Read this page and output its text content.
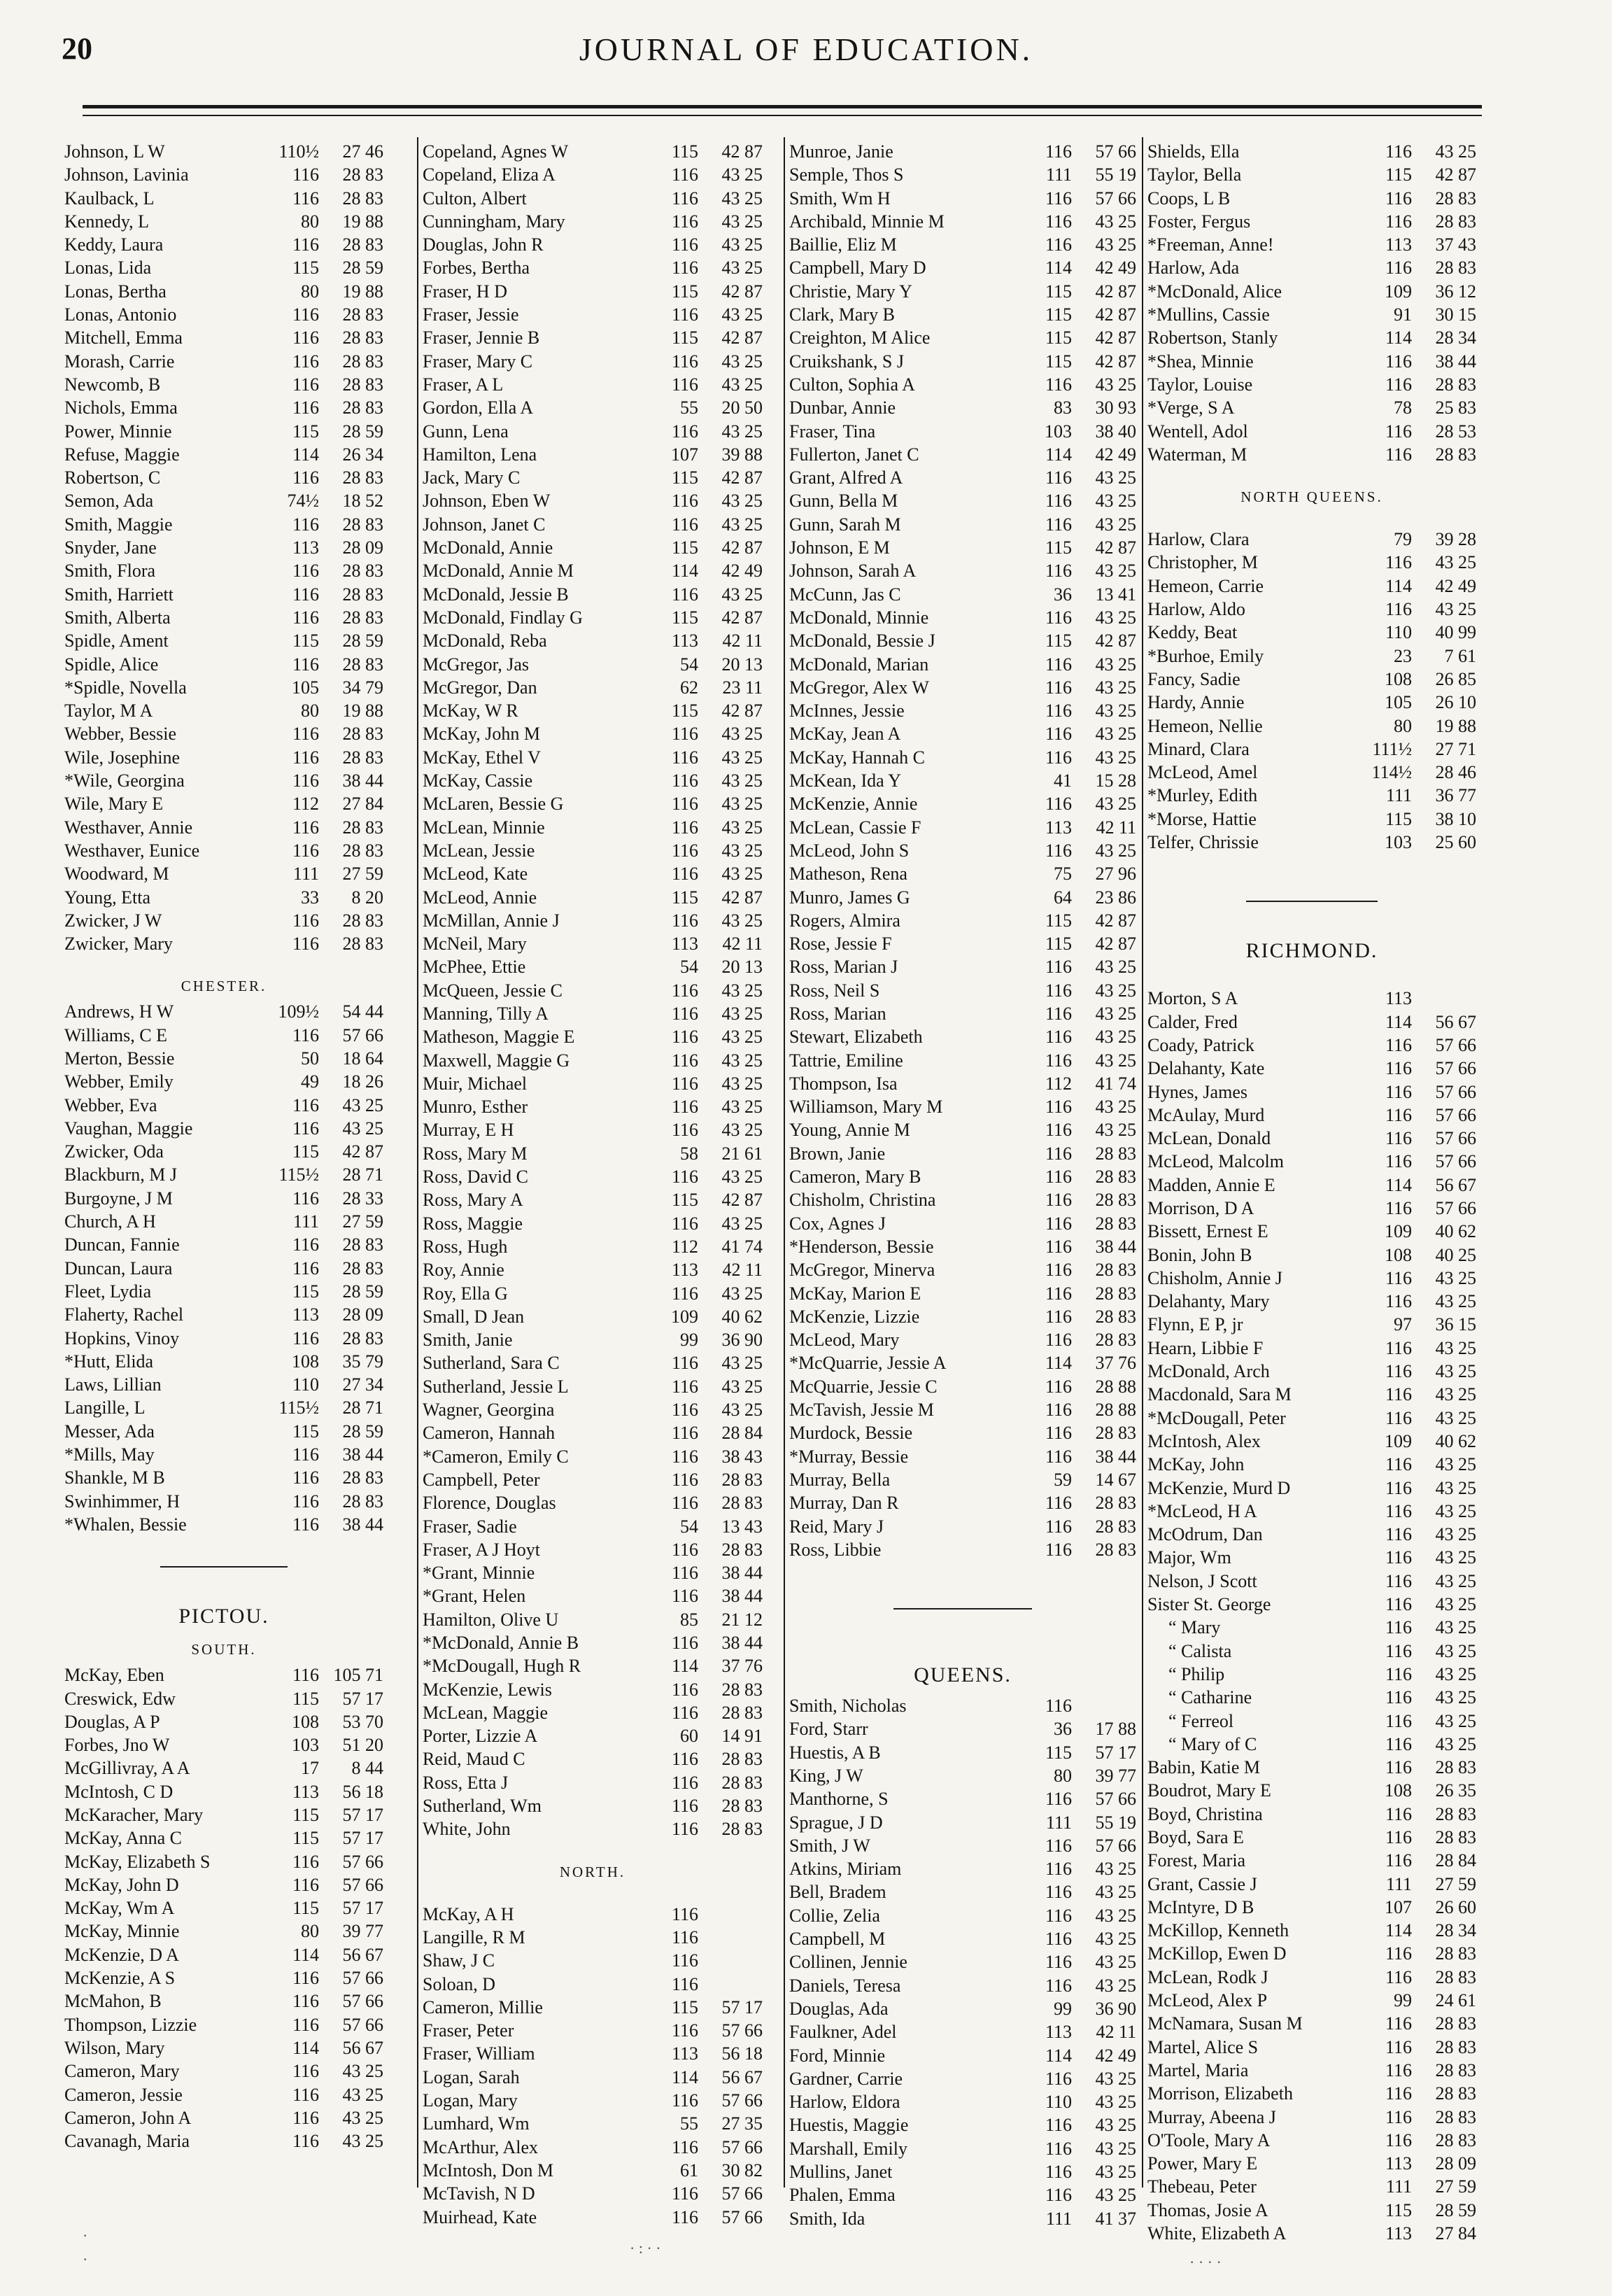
20	JOURNAL OF EDUCATION.
Johnson, L W	110½	27 46
Johnson, Lavinia	116	28 83
Kaulback, L	116	28 83
Kennedy, L	80	19 88
Keddy, Laura	116	28 83
Lonas, Lida	115	28 59
Lonas, Bertha	80	19 88
Lonas, Antonio	116	28 83
Mitchell, Emma	116	28 83
Morash, Carrie	116	28 83
Newcomb, B	116	28 83
Nichols, Emma	116	28 83
Power, Minnie	115	28 59
Refuse, Maggie	114	26 34
Robertson, C	116	28 83
Semon, Ada	74½	18 52
Smith, Maggie	116	28 83
Snyder, Jane	113	28 09
Smith, Flora	116	28 83
Smith, Harriett	116	28 83
Smith, Alberta	116	28 83
Spidle, Ament	115	28 59
Spidle, Alice	116	28 83
*Spidle, Novella	105	34 79
Taylor, M A	80	19 88
Webber, Bessie	116	28 83
Wile, Josephine	116	28 83
*Wile, Georgina	116	38 44
Wile, Mary E	112	27 84
Westhaver, Annie	116	28 83
Westhaver, Eunice	116	28 83
Woodward, M	111	27 59
Young, Etta	33	8 20
Zwicker, J W	116	28 83
Zwicker, Mary	116	28 83
CHESTER.
Andrews, H W	109½	54 44
Williams, C E	116	57 66
Merton, Bessie	50	18 64
Webber, Emily	49	18 26
Webber, Eva	116	43 25
Vaughan, Maggie	116	43 25
Zwicker, Oda	115	42 87
Blackburn, M J	115½	28 71
Burgoyne, J M	116	28 33
Church, A H	111	27 59
Duncan, Fannie	116	28 83
Duncan, Laura	116	28 83
Fleet, Lydia	115	28 59
Flaherty, Rachel	113	28 09
Hopkins, Vinoy	116	28 83
*Hutt, Elida	108	35 79
Laws, Lillian	110	27 34
Langille, L	115½	28 71
Messer, Ada	115	28 59
*Mills, May	116	38 44
Shankle, M B	116	28 83
Swinhimmer, H	116	28 83
*Whalen, Bessie	116	38 44
PICTOU.
SOUTH.
McKay, Eben	116 105 71
Creswick, Edw	115	57 17
Douglas, A P	108	53 70
Forbes, Jno W	103	51 20
McGillivray, A A	17	8 44
McIntosh, C D	113	56 18
McKaracher, Mary	115	57 17
McKay, Anna C	115	57 17
McKay, Elizabeth S	116	57 66
McKay, John D	116	57 66
McKay, Wm A	115	57 17
McKay, Minnie	80	39 77
McKenzie, D A	114	56 67
McKenzie, A S	116	57 66
McMahon, B	116	57 66
Thompson, Lizzie	116	57 66
Wilson, Mary	114	56 67
Cameron, Mary	116	43 25
Cameron, Jessie	116	43 25
Cameron, John A	116	43 25
Cavanagh, Maria	116	43 25
Copeland, Agnes W	115	42 87
Copeland, Eliza A	116	43 25
Culton, Albert	116	43 25
Cunningham, Mary	116	43 25
Douglas, John R	116	43 25
Forbes, Bertha	116	43 25
Fraser, H D	115	42 87
Fraser, Jessie	116	43 25
Fraser, Jennie B	115	42 87
Fraser, Mary C	116	43 25
Fraser, A L	116	43 25
Gordon, Ella A	55	20 50
Gunn, Lena	116	43 25
Hamilton, Lena	107	39 88
Jack, Mary C	115	42 87
Johnson, Eben W	116	43 25
Johnson, Janet C	116	43 25
McDonald, Annie	115	42 87
McDonald, Annie M	114	42 49
McDonald, Jessie B	116	43 25
McDonald, Findlay G	115	42 87
McDonald, Reba	113	42 11
McGregor, Jas	54	20 13
McGregor, Dan	62	23 11
McKay, W R	115	42 87
McKay, John M	116	43 25
McKay, Ethel V	116	43 25
McKay, Cassie	116	43 25
McLaren, Bessie G	116	43 25
McLean, Minnie	116	43 25
McLean, Jessie	116	43 25
McLeod, Kate	116	43 25
McLeod, Annie	115	42 87
McMillan, Annie J	116	43 25
McNeil, Mary	113	42 11
McPhee, Ettie	54	20 13
McQueen, Jessie C	116	43 25
Manning, Tilly A	116	43 25
Matheson, Maggie E	116	43 25
Maxwell, Maggie G	116	43 25
Muir, Michael	116	43 25
Munro, Esther	116	43 25
Murray, E H	116	43 25
Ross, Mary M	58	21 61
Ross, David C	116	43 25
Ross, Mary A	115	42 87
Ross, Maggie	116	43 25
Ross, Hugh	112	41 74
Roy, Annie	113	42 11
Roy, Ella G	116	43 25
Small, D Jean	109	40 62
Smith, Janie	99	36 90
Sutherland, Sara C	116	43 25
Sutherland, Jessie L	116	43 25
Wagner, Georgina	116	43 25
Cameron, Hannah	116	28 84
*Cameron, Emily C	116	38 43
Campbell, Peter	116	28 83
Florence, Douglas	116	28 83
Fraser, Sadie	54	13 43
Fraser, A J Hoyt	116	28 83
*Grant, Minnie	116	38 44
*Grant, Helen	116	38 44
Hamilton, Olive U	85	21 12
*McDonald, Annie B	116	38 44
*McDougall, Hugh R	114	37 76
McKenzie, Lewis	116	28 83
McLean, Maggie	116	28 83
Porter, Lizzie A	60	14 91
Reid, Maud C	116	28 83
Ross, Etta J	116	28 83
Sutherland, Wm	116	28 83
White, John	116	28 83
NORTH.
McKay, A H	116
Langille, R M	116
Shaw, J C	116
Soloan, D	116
Cameron, Millie	115	57 17
Fraser, Peter	116	57 66
Fraser, William	113	56 18
Logan, Sarah	114	56 67
Logan, Mary	116	57 66
Lumhard, Wm	55	27 35
McArthur, Alex	116	57 66
McIntosh, Don M	61	30 82
McTavish, N D	116	57 66
Muirhead, Kate	116	57 66
Munroe, Janie	116	57 66
Semple, Thos S	111	55 19
Smith, Wm H	116	57 66
Archibald, Minnie M	116	43 25
Baillie, Eliz M	116	43 25
Campbell, Mary D	114	42 49
Christie, Mary Y	115	42 87
Clark, Mary B	115	42 87
Creighton, M Alice	115	42 87
Cruikshank, S J	115	42 87
Culton, Sophia A	116	43 25
Dunbar, Annie	83	30 93
Fraser, Tina	103	38 40
Fullerton, Janet C	114	42 49
Grant, Alfred A	116	43 25
Gunn, Bella M	116	43 25
Gunn, Sarah M	116	43 25
Johnson, E M	115	42 87
Johnson, Sarah A	116	43 25
McCunn, Jas C	36	13 41
McDonald, Minnie	116	43 25
McDonald, Bessie J	115	42 87
McDonald, Marian	116	43 25
McGregor, Alex W	116	43 25
McInnes, Jessie	116	43 25
McKay, Jean A	116	43 25
McKay, Hannah C	116	43 25
McKean, Ida Y	41	15 28
McKenzie, Annie	116	43 25
McLean, Cassie F	113	42 11
McLeod, John S	116	43 25
Matheson, Rena	75	27 96
Munro, James G	64	23 86
Rogers, Almira	115	42 87
Rose, Jessie F	115	42 87
Ross, Marian J	116	43 25
Ross, Neil S	116	43 25
Ross, Marian	116	43 25
Stewart, Elizabeth	116	43 25
Tattrie, Emiline	116	43 25
Thompson, Isa	112	41 74
Williamson, Mary M	116	43 25
Young, Annie M	116	43 25
Brown, Janie	116	28 83
Cameron, Mary B	116	28 83
Chisholm, Christina	116	28 83
Cox, Agnes J	116	28 83
*Henderson, Bessie	116	38 44
McGregor, Minerva	116	28 83
McKay, Marion E	116	28 83
McKenzie, Lizzie	116	28 83
McLeod, Mary	116	28 83
*McQuarrie, Jessie A	114	37 76
McQuarrie, Jessie C	116	28 88
McTavish, Jessie M	116	28 88
Murdock, Bessie	116	28 83
*Murray, Bessie	116	38 44
Murray, Bella	59	14 67
Murray, Dan R	116	28 83
Reid, Mary J	116	28 83
Ross, Libbie	116	28 83
QUEENS.
Smith, Nicholas	116
Ford, Starr	36	17 88
Huestis, A B	115	57 17
King, J W	80	39 77
Manthorne, S	116	57 66
Sprague, J D	111	55 19
Smith, J W	116	57 66
Atkins, Miriam	116	43 25
Bell, Bradem	116	43 25
Collie, Zelia	116	43 25
Campbell, M	116	43 25
Collinen, Jennie	116	43 25
Daniels, Teresa	116	43 25
Douglas, Ada	99	36 90
Faulkner, Adel	113	42 11
Ford, Minnie	114	42 49
Gardner, Carrie	116	43 25
Harlow, Eldora	110	43 25
Huestis, Maggie	116	43 25
Marshall, Emily	116	43 25
Mullins, Janet	116	43 25
Phalen, Emma	116	43 25
Smith, Ida	111	41 37
Shields, Ella	116	43 25
Taylor, Bella	115	42 87
Coops, L B	116	28 83
Foster, Fergus	116	28 83
*Freeman, Anne!	113	37 43
Harlow, Ada	116	28 83
*McDonald, Alice	109	36 12
*Mullins, Cassie	91	30 15
Robertson, Stanly	114	28 34
*Shea, Minnie	116	38 44
Taylor, Louise	116	28 83
*Verge, S A	78	25 83
Wentell, Adol	116	28 53
Waterman, M	116	28 83
NORTH QUEENS.
Harlow, Clara	79	39 28
Christopher, M	116	43 25
Hemeon, Carrie	114	42 49
Harlow, Aldo	116	43 25
Keddy, Beat	110	40 99
*Burhoe, Emily	23	7 61
Fancy, Sadie	108	26 85
Hardy, Annie	105	26 10
Hemeon, Nellie	80	19 88
Minard, Clara	111½	27 71
McLeod, Amel	114½	28 46
*Murley, Edith	111	36 77
*Morse, Hattie	115	38 10
Telfer, Chrissie	103	25 60
RICHMOND.
Morton, S A	113
Calder, Fred	114	56 67
Coady, Patrick	116	57 66
Delahanty, Kate	116	57 66
Hynes, James	116	57 66
McAulay, Murd	116	57 66
McLean, Donald	116	57 66
McLeod, Malcolm	116	57 66
Madden, Annie E	114	56 67
Morrison, D A	116	57 66
Bissett, Ernest E	109	40 62
Bonin, John B	108	40 25
Chisholm, Annie J	116	43 25
Delahanty, Mary	116	43 25
Flynn, E P, jr	97	36 15
Hearn, Libbie F	116	43 25
McDonald, Arch	116	43 25
Macdonald, Sara M	116	43 25
*McDougall, Peter	116	43 25
McIntosh, Alex	109	40 62
McKay, John	116	43 25
McKenzie, Murd D	116	43 25
*McLeod, H A	116	43 25
McOdrum, Dan	116	43 25
Major, Wm	116	43 25
Nelson, J Scott	116	43 25
Sister St. George	116	43 25
“ Mary	116	43 25
“ Calista	116	43 25
“ Philip	116	43 25
“ Catharine	116	43 25
“ Ferreol	116	43 25
“ Mary of C	116	43 25
Babin, Katie M	116	28 83
Boudrot, Mary E	108	26 35
Boyd, Christina	116	28 83
Boyd, Sara E	116	28 83
Forest, Maria	116	28 84
Grant, Cassie J	111	27 59
McIntyre, D B	107	26 60
McKillop, Kenneth	114	28 34
McKillop, Ewen D	116	28 83
McLean, Rodk J	116	28 83
McLeod, Alex P	99	24 61
McNamara, Susan M	116	28 83
Martel, Alice S	116	28 83
Martel, Maria	116	28 83
Morrison, Elizabeth	116	28 83
Murray, Abeena J	116	28 83
O'Toole, Mary A	116	28 83
Power, Mary E	113	28 09
Thebeau, Peter	111	27 59
Thomas, Josie A	115	28 59
White, Elizabeth A	113	27 84
·
·
· : · ·
· · · ·
